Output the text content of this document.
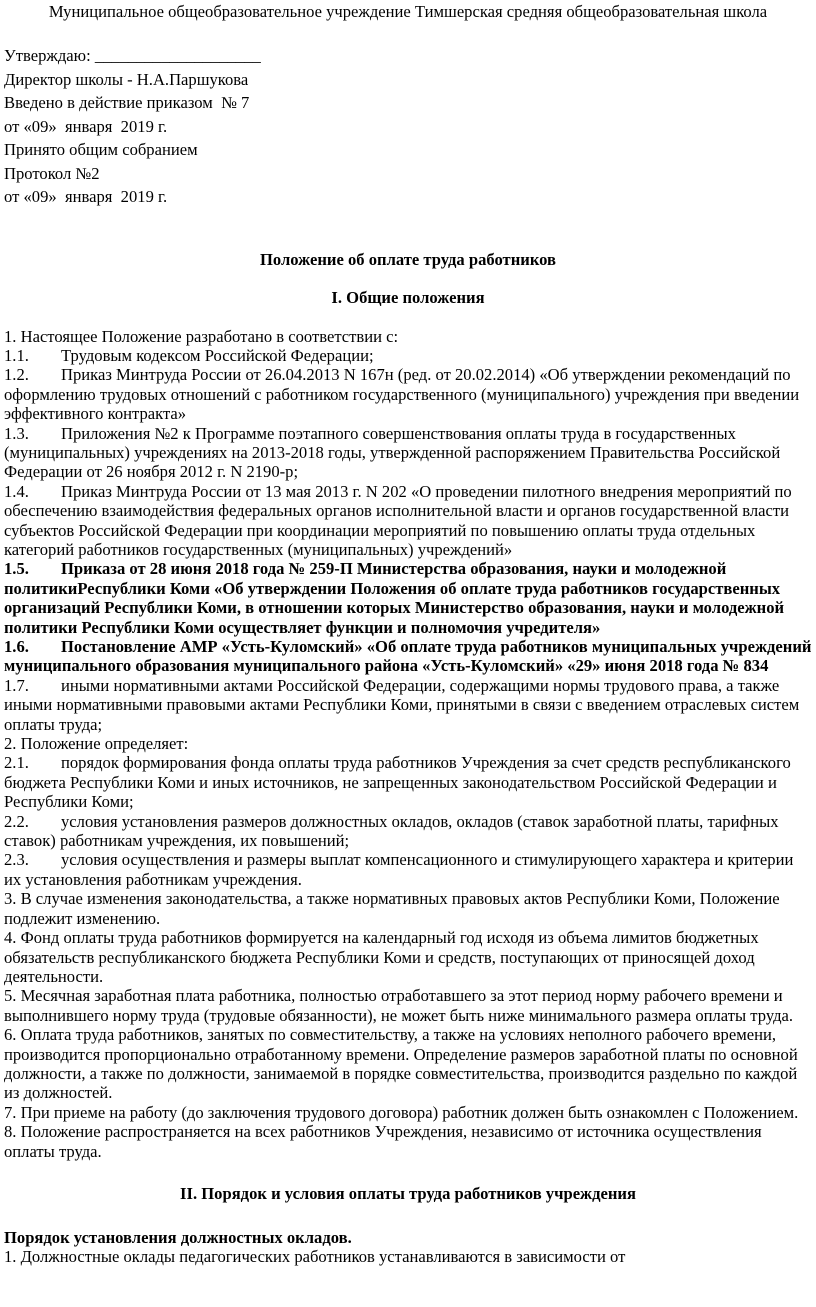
Муниципальное общеобразовательное учреждение Тимшерская средняя общеобразовательная школа

Утверждаю: ____________________
Директор школы - Н.А.Паршукова
Введено в действие приказом  № 7
от «09»  января  2019 г.
Принято общим собранием
Протокол №2
от «09»  января  2019 г.
Положение об оплате труда работников
I. Общие положения

1. Настоящее Положение разработано в соответствии с:

1.1. Трудовым кодексом Российской Федерации;

1.2. Приказ Минтруда России от 26.04.2013 N 167н (ред. от 20.02.2014) «Об утверждении рекомендаций по оформлению трудовых отношений с работником государственного (муниципального) учреждения при введении эффективного контракта»

1.3. Приложения №2 к Программе поэтапного совершенствования оплаты труда в государственных (муниципальных) учреждениях на 2013-2018 годы, утвержденной распоряжением Правительства Российской Федерации от 26 ноября 2012 г. N 2190-р;

1.4. Приказ Минтруда России от 13 мая 2013 г. N 202 «О проведении пилотного внедрения мероприятий по обеспечению взаимодействия федеральных органов исполнительной власти и органов государственной власти субъектов Российской Федерации при координации мероприятий по повышению оплаты труда отдельных категорий работников государственных (муниципальных) учреждений»

1.5. Приказа от 28 июня 2018 года № 259-П Министерства образования, науки и молодежной политикиРеспублики Коми «Об утверждении Положения об оплате труда работников государственных организаций Республики Коми, в отношении которых Министерство образования, науки и молодежной политики Республики Коми осуществляет функции и полномочия учредителя»

1.6. Постановление АМР «Усть-Куломский» «Об оплате труда работников муниципальных учреждений муниципального образования муниципального района «Усть-Куломский» «29» июня 2018 года № 834

1.7. иными нормативными актами Российской Федерации, содержащими нормы трудового права, а также иными нормативными правовыми актами Республики Коми, принятыми в связи с введением отраслевых систем оплаты труда;

2. Положение определяет:

2.1. порядок формирования фонда оплаты труда работников Учреждения за счет средств республиканского бюджета Республики Коми и иных источников, не запрещенных законодательством Российской Федерации и Республики Коми;

2.2. условия установления размеров должностных окладов, окладов (ставок заработной платы, тарифных ставок) работникам учреждения, их повышений;

2.3. условия осуществления и размеры выплат компенсационного и стимулирующего характера и критерии их установления работникам учреждения.

3. В случае изменения законодательства, а также нормативных правовых актов Республики Коми, Положение подлежит изменению.

4. Фонд оплаты труда работников формируется на календарный год исходя из объема лимитов бюджетных обязательств республиканского бюджета Республики Коми и средств, поступающих от приносящей доход деятельности.

5. Месячная заработная плата работника, полностью отработавшего за этот период норму рабочего времени и выполнившего норму труда (трудовые обязанности), не может быть ниже минимального размера оплаты труда.

6. Оплата труда работников, занятых по совместительству, а также на условиях неполного рабочего времени, производится пропорционально отработанному времени. Определение размеров заработной платы по основной должности, а также по должности, занимаемой в порядке совместительства, производится раздельно по каждой из должностей.

7. При приеме на работу (до заключения трудового договора) работник должен быть ознакомлен с Положением.

8. Положение распространяется на всех работников Учреждения, независимо от источника осуществления оплаты труда.

II. Порядок и условия оплаты труда работников учреждения

Порядок установления должностных окладов.

1. Должностные оклады педагогических работников устанавливаются в зависимости от
